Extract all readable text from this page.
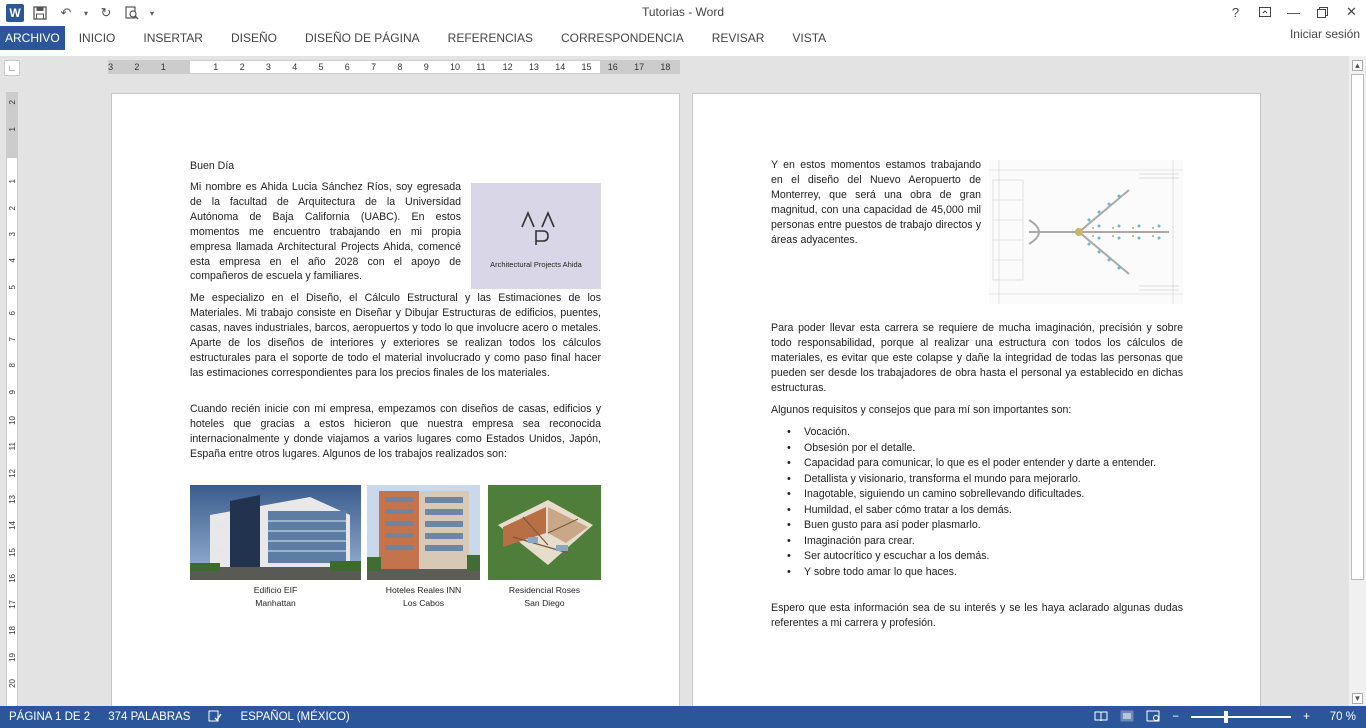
W	↶	▾ ↻	▾	Tutorias - Word	?	—	✕
ARCHIVO	INICIO	INSERTAR	DISEÑO	DISEÑO DE PÁGINA	REFERENCIAS	CORRESPONDENCIA	REVISAR	VISTA	Iniciar sesión
∟	3 2 1	1 2 3 4 5 6 7 8 9 10 11 12 13 14 15 16 17 18
2
1
1
2
3
4
5
6
7
8
9
10
11
12
13
14
15
16
17
18
19
20
Buen Día
Mi nombre es Ahida Lucia Sánchez Ríos, soy egresada de la facultad de Arquitectura de la Universidad Autónoma de Baja California (UABC). En estos momentos me encuentro trabajando en mi propia empresa llamada Architectural Projects Ahida, comencé esta empresa en el año 2028 con el apoyo de compañeros de escuela y familiares.
APA
Architectural Projects Ahida
Me especializo en el Diseño, el Cálculo Estructural y las Estimaciones de los Materiales. Mi trabajo consiste en Diseñar y Dibujar Estructuras de edificios, puentes, casas, naves industriales, barcos, aeropuertos y todo lo que involucre acero o metales. Aparte de los diseños de interiores y exteriores se realizan todos los cálculos estructurales para el soporte de todo el material involucrado y como paso final hacer las estimaciones correspondientes para los precios finales de los materiales.
Cuando recién inicie con mi empresa, empezamos con diseños de casas, edificios y hoteles que gracias a estos hicieron que nuestra empresa sea reconocida internacionalmente y donde viajamos a varios lugares como Estados Unidos, Japón, España entre otros lugares. Algunos de los trabajos realizados son:
Edificio EIF
Manhattan
Hoteles Reales INN
Los Cabos
Residencial Roses
San Diego
Y en estos momentos estamos trabajando en el diseño del Nuevo Aeropuerto de Monterrey, que será una obra de gran magnitud, con una capacidad de 45,000 mil personas entre puestos de trabajo directos y áreas adyacentes.
Para poder llevar esta carrera se requiere de mucha imaginación, precisión y sobre todo responsabilidad, porque al realizar una estructura con todos los cálculos de materiales, es evitar que este colapse y dañe la integridad de todas las personas que pueden ser desde los trabajadores de obra hasta el personal ya establecido en dichas estructuras.
Algunos requisitos y consejos que para mí son importantes son:
• Vocación.
• Obsesión por el detalle.
• Capacidad para comunicar, lo que es el poder entender y darte a entender.
• Detallista y visionario, transforma el mundo para mejorarlo.
• Inagotable, siguiendo un camino sobrellevando dificultades.
• Humildad, el saber cómo tratar a los demás.
• Buen gusto para así poder plasmarlo.
• Imaginación para crear.
• Ser autocrítico y escuchar a los demás.
• Y sobre todo amar lo que haces.
Espero que esta información sea de su interés y se les haya aclarado algunas dudas referentes a mi carrera y profesión.
▲
▼
PÁGINA 1 DE 2	374 PALABRAS	ESPAÑOL (MÉXICO)	−	+ 70 %
